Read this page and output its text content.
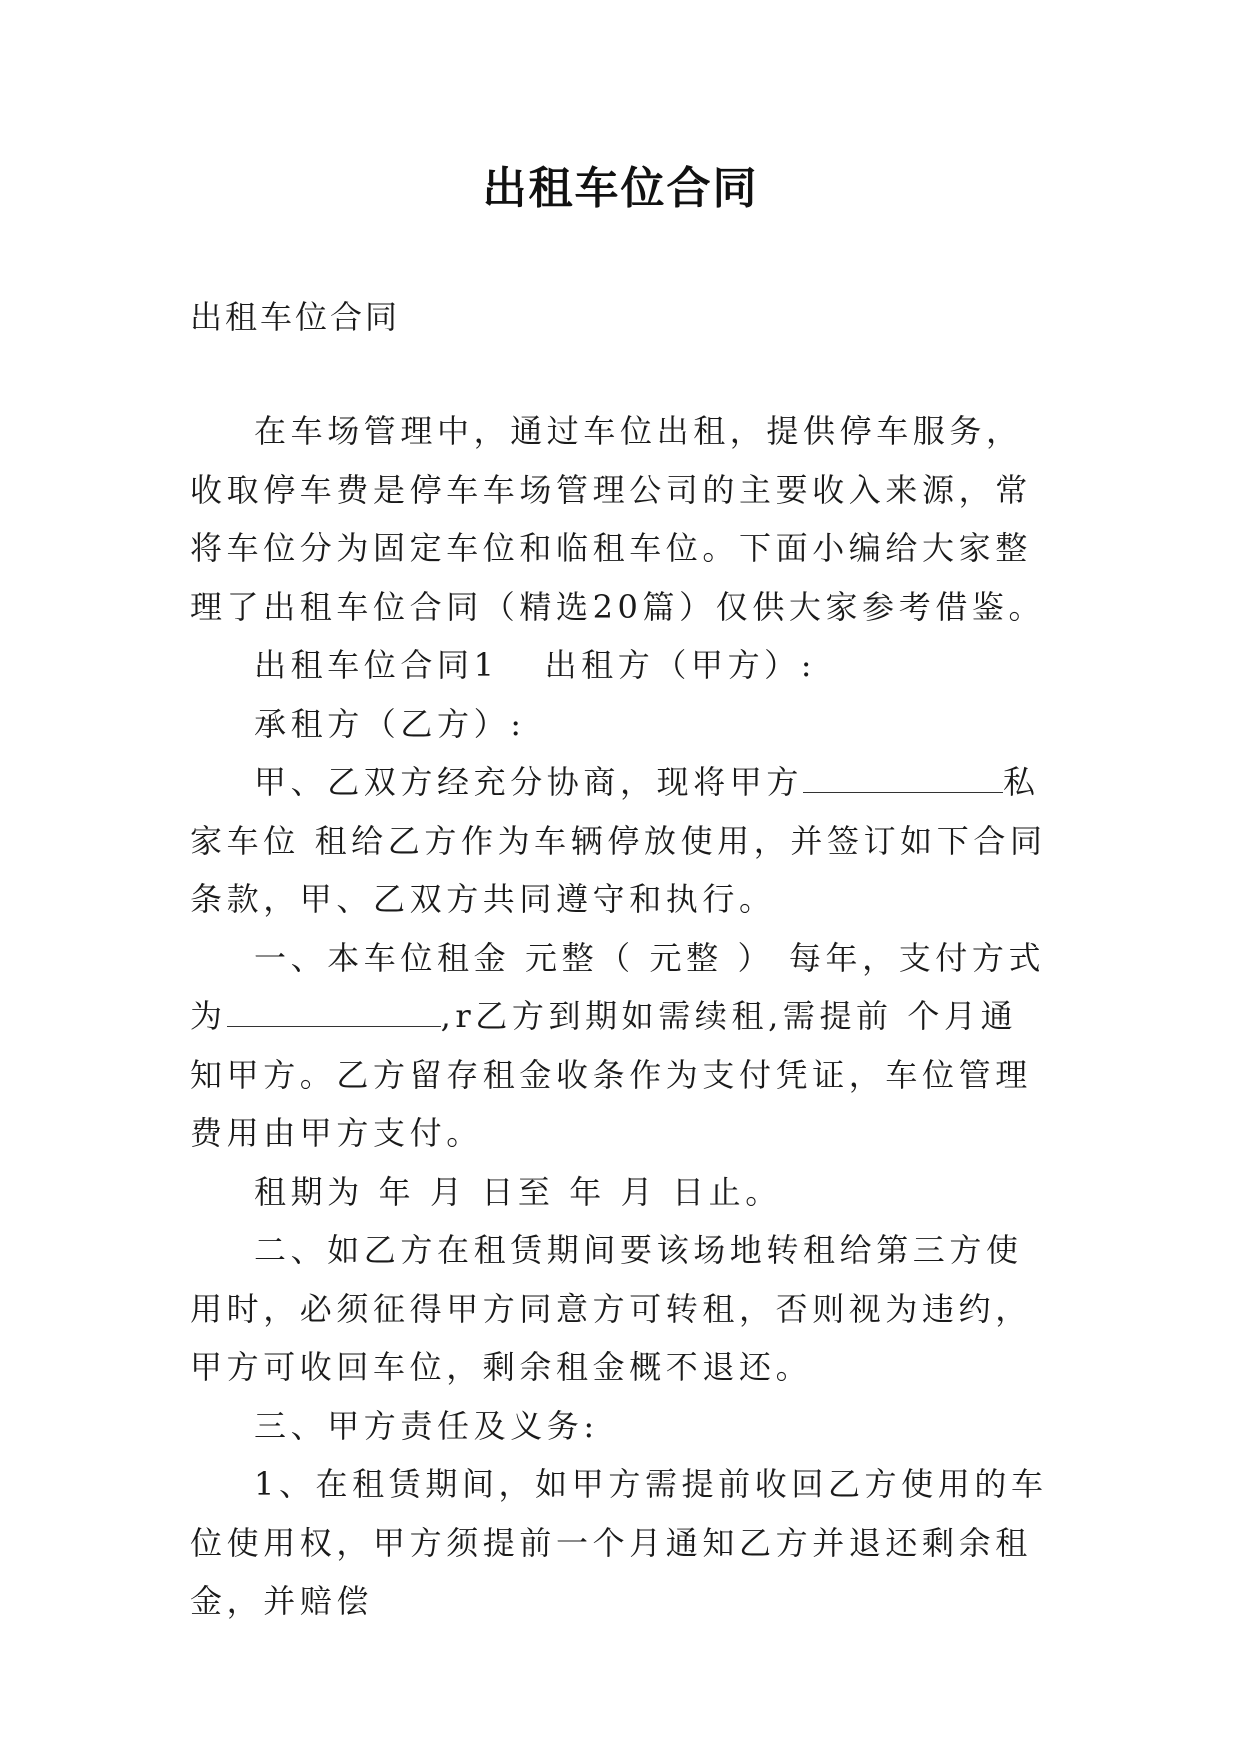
出租车位合同
出租车位合同

在车场管理中，通过车位出租，提供停车服务，收取停车费是停车车场管理公司的主要收入来源，常将车位分为固定车位和临租车位。下面小编给大家整理了出租车位合同（精选20篇）仅供大家参考借鉴。

出租车位合同1 出租方（甲方）:

承租方（乙方）:

甲、乙双方经充分协商，现将甲方	私家车位 租给乙方作为车辆停放使用，并签订如下合同条款，甲、乙双方共同遵守和执行。

一、本车位租金 元整（ 元整 ） 每年，支付方式为	,r乙方到期如需续租,需提前 个月通知甲方。乙方留存租金收条作为支付凭证，车位管理费用由甲方支付。

租期为 年 月 日至 年 月 日止。

二、如乙方在租赁期间要该场地转租给第三方使用时，必须征得甲方同意方可转租，否则视为违约，甲方可收回车位，剩余租金概不退还。

三、甲方责任及义务:

1、在租赁期间，如甲方需提前收回乙方使用的车位使用权，甲方须提前一个月通知乙方并退还剩余租金，并赔偿
